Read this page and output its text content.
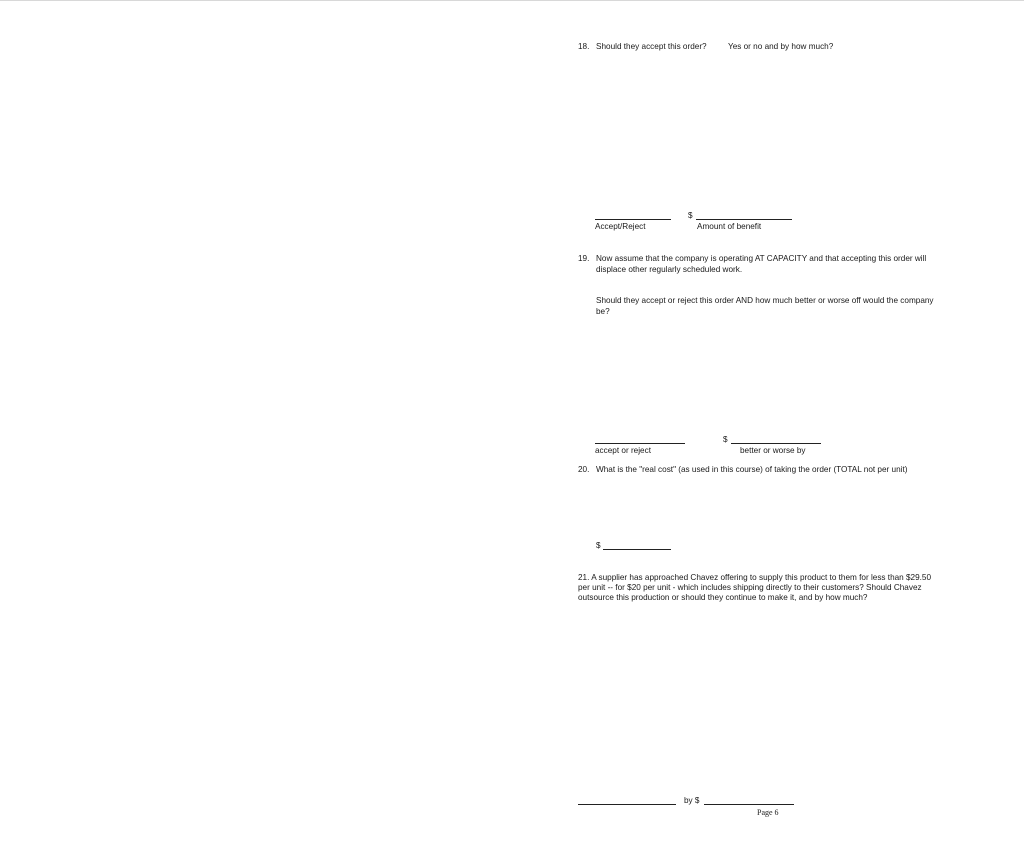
18. Should they accept this order?	Yes or no and by how much?
Accept/Reject
$
Amount of benefit
19. Now assume that the company is operating AT CAPACITY and that accepting this order will
displace other regularly scheduled work.
Should they accept or reject this order AND how much better or worse off would the company
be?
accept or reject
$
better or worse by
20. What is the "real cost" (as used in this course) of taking the order (TOTAL not per unit)
$
21. A supplier has approached Chavez offering to supply this product to them for less than $29.50
per unit -- for $20 per unit - which includes shipping directly to their customers? Should Chavez
outsource this production or should they continue to make it, and by how much?
by $
Page 6
